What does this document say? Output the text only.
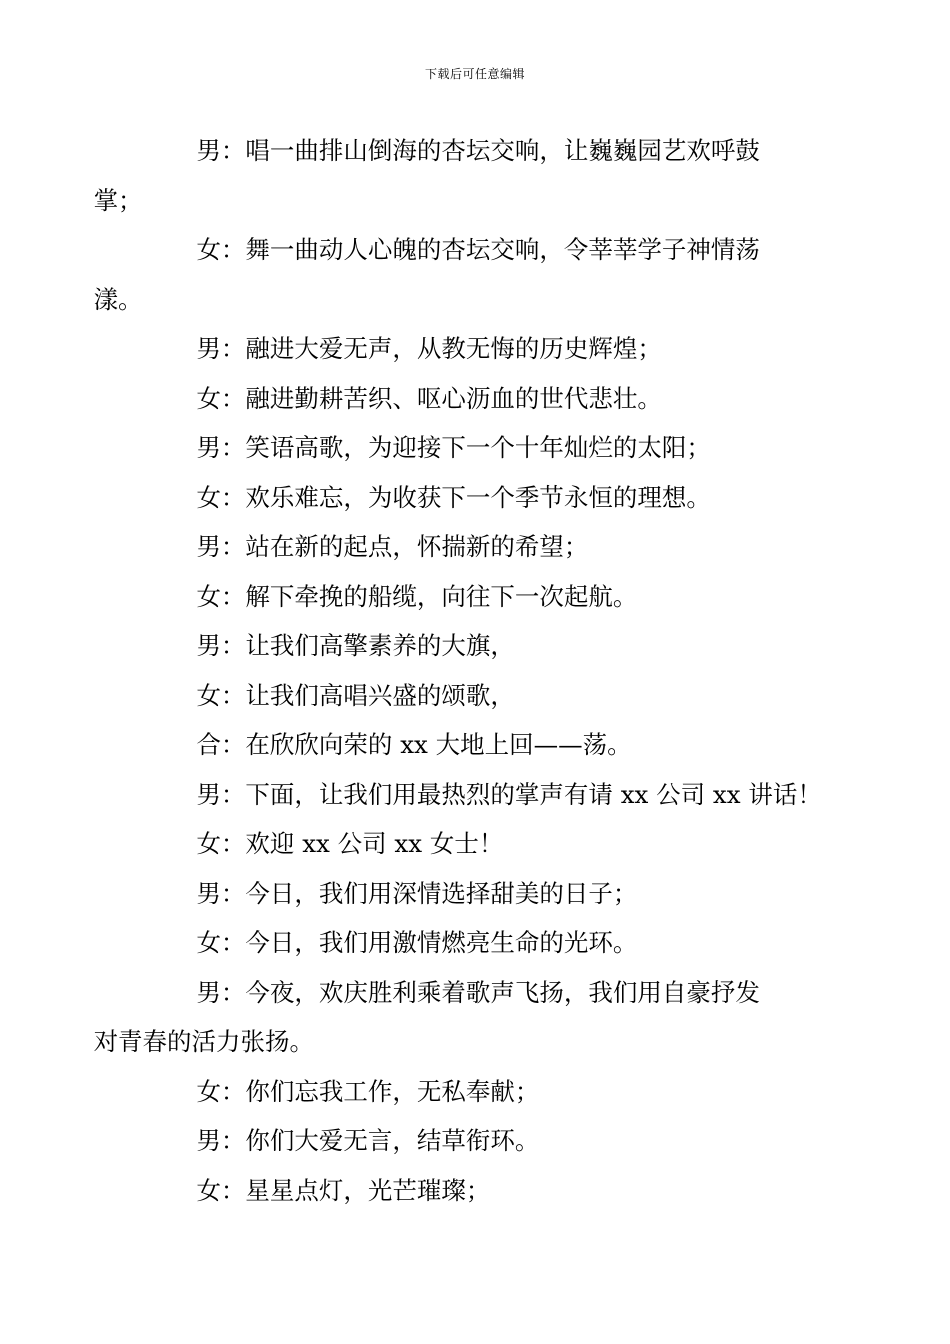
下载后可任意编辑

男：唱一曲排山倒海的杏坛交响，让巍巍园艺欢呼鼓
掌；

女：舞一曲动人心魄的杏坛交响，令莘莘学子神情荡
漾。

男：融进大爱无声，从教无悔的历史辉煌；

女：融进勤耕苦织、呕心沥血的世代悲壮。

男：笑语高歌，为迎接下一个十年灿烂的太阳；

女：欢乐难忘，为收获下一个季节永恒的理想。

男：站在新的起点，怀揣新的希望；

女：解下牵挽的船缆，向往下一次起航。

男：让我们高擎素养的大旗，

女：让我们高唱兴盛的颂歌，

合：在欣欣向荣的 xx 大地上回——荡。

男：下面，让我们用最热烈的掌声有请 xx 公司 xx 讲话！

女：欢迎 xx 公司 xx 女士！

男：今日，我们用深情选择甜美的日子；

女：今日，我们用激情燃亮生命的光环。

男：今夜，欢庆胜利乘着歌声飞扬，我们用自豪抒发
对青春的活力张扬。

女：你们忘我工作，无私奉献；

男：你们大爱无言，结草衔环。

女：星星点灯，光芒璀璨；
